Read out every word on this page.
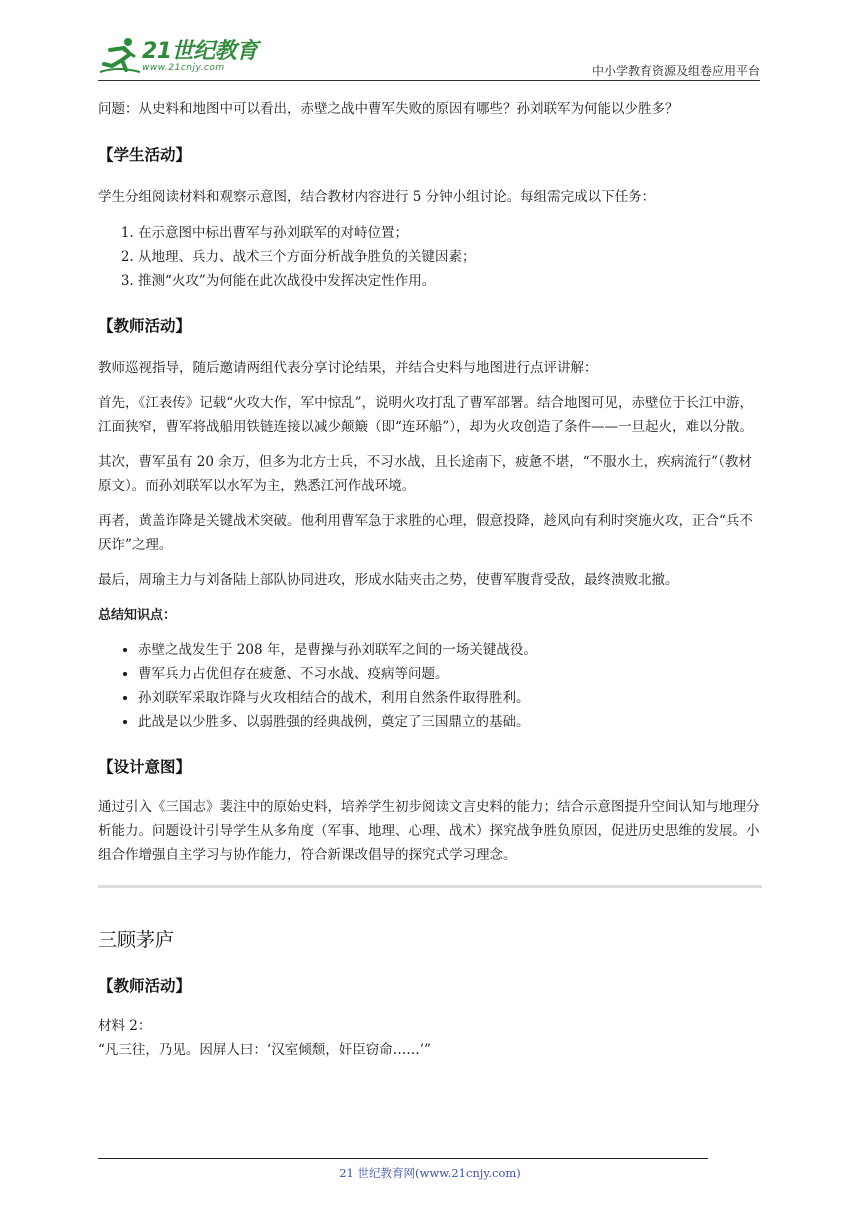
21世纪教育
www.21cnjy.com	中小学教育资源及组卷应用平台

问题：从史料和地图中可以看出，赤壁之战中曹军失败的原因有哪些？孙刘联军为何能以少胜多？

【学生活动】

学生分组阅读材料和观察示意图，结合教材内容进行 5 分钟小组讨论。每组需完成以下任务：

1. 在示意图中标出曹军与孙刘联军的对峙位置；
2. 从地理、兵力、战术三个方面分析战争胜负的关键因素；
3. 推测“火攻”为何能在此次战役中发挥决定性作用。

【教师活动】

教师巡视指导，随后邀请两组代表分享讨论结果，并结合史料与地图进行点评讲解：

首先，《江表传》记载“火攻大作，军中惊乱”，说明火攻打乱了曹军部署。结合地图可见，赤壁位于长江中游，江面狭窄，曹军将战船用铁链连接以减少颠簸（即“连环船”），却为火攻创造了条件——一旦起火，难以分散。

其次，曹军虽有 20 余万，但多为北方士兵，不习水战，且长途南下，疲惫不堪，“不服水土，疾病流行”（教材原文）。而孙刘联军以水军为主，熟悉江河作战环境。

再者，黄盖诈降是关键战术突破。他利用曹军急于求胜的心理，假意投降，趁风向有利时突施火攻，正合“兵不厌诈”之理。

最后，周瑜主力与刘备陆上部队协同进攻，形成水陆夹击之势，使曹军腹背受敌，最终溃败北撤。

总结知识点：

• 赤壁之战发生于 208 年，是曹操与孙刘联军之间的一场关键战役。
• 曹军兵力占优但存在疲惫、不习水战、疫病等问题。
• 孙刘联军采取诈降与火攻相结合的战术，利用自然条件取得胜利。
• 此战是以少胜多、以弱胜强的经典战例，奠定了三国鼎立的基础。

【设计意图】

通过引入《三国志》裴注中的原始史料，培养学生初步阅读文言史料的能力；结合示意图提升空间认知与地理分析能力。问题设计引导学生从多角度（军事、地理、心理、战术）探究战争胜负原因，促进历史思维的发展。小组合作增强自主学习与协作能力，符合新课改倡导的探究式学习理念。

三顾茅庐

【教师活动】

材料 2：

“凡三往，乃见。因屏人曰：‘汉室倾颓，奸臣窃命……’”

21 世纪教育网(www.21cnjy.com)
